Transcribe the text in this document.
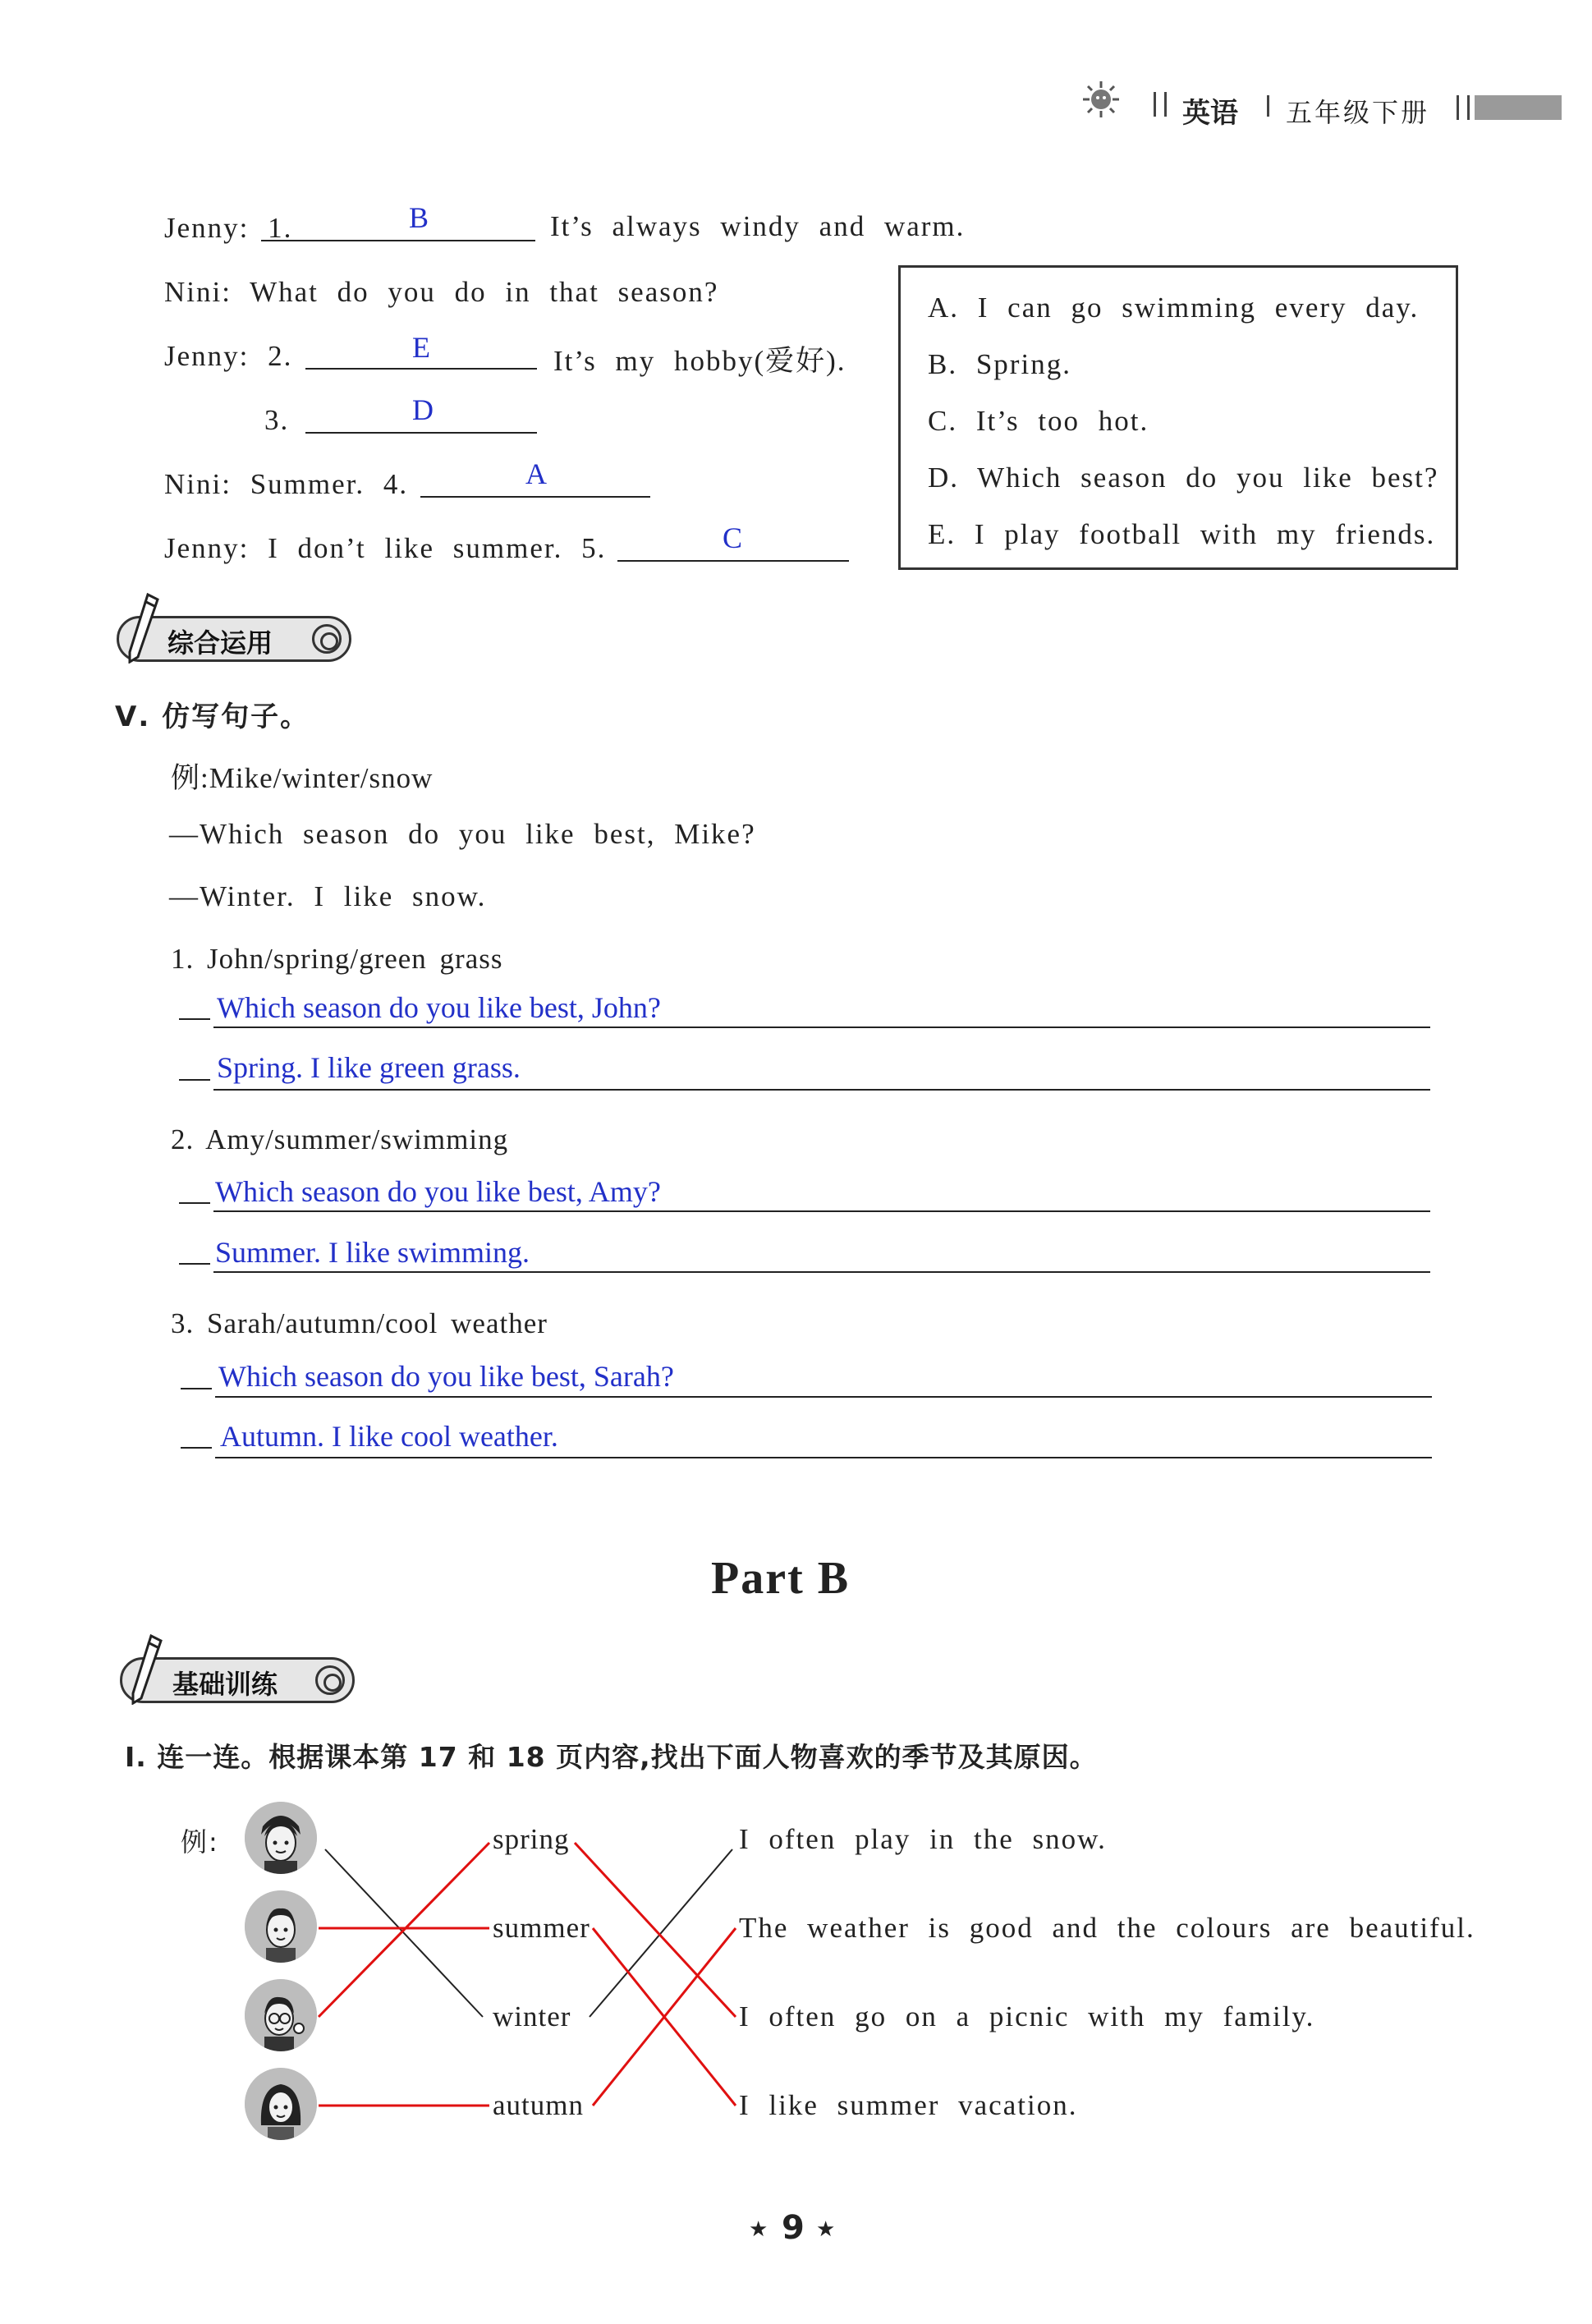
英语 五年级下册
Jenny: 1.	B	It’s always windy and warm.
Nini: What do you do in that season?
Jenny: 2.	E	It’s my hobby(爱好).
3.	D
Nini: Summer. 4.	A
Jenny: I don’t like summer. 5.	C
A. I can go swimming every day.
B. Spring.
C. It’s too hot.
D. Which season do you like best?
E. I play football with my friends.
综合运用
Ⅴ. 仿写句子。
例:Mike/winter/snow
—Which season do you like best, Mike?
—Winter. I like snow.
1. John/spring/green grass
Which season do you like best, John?
Spring. I like green grass.
2. Amy/summer/swimming
Which season do you like best, Amy?
Summer. I like swimming.
3. Sarah/autumn/cool weather
Which season do you like best, Sarah?
Autumn. I like cool weather.
Part B
基础训练
Ⅰ. 连一连。根据课本第 17 和 18 页内容,找出下面人物喜欢的季节及其原因。
例:	spring
summer
winter
autumn
I often play in the snow.
The weather is good and the colours are beautiful.
I often go on a picnic with my family.
I like summer vacation.
★ 9 ★
